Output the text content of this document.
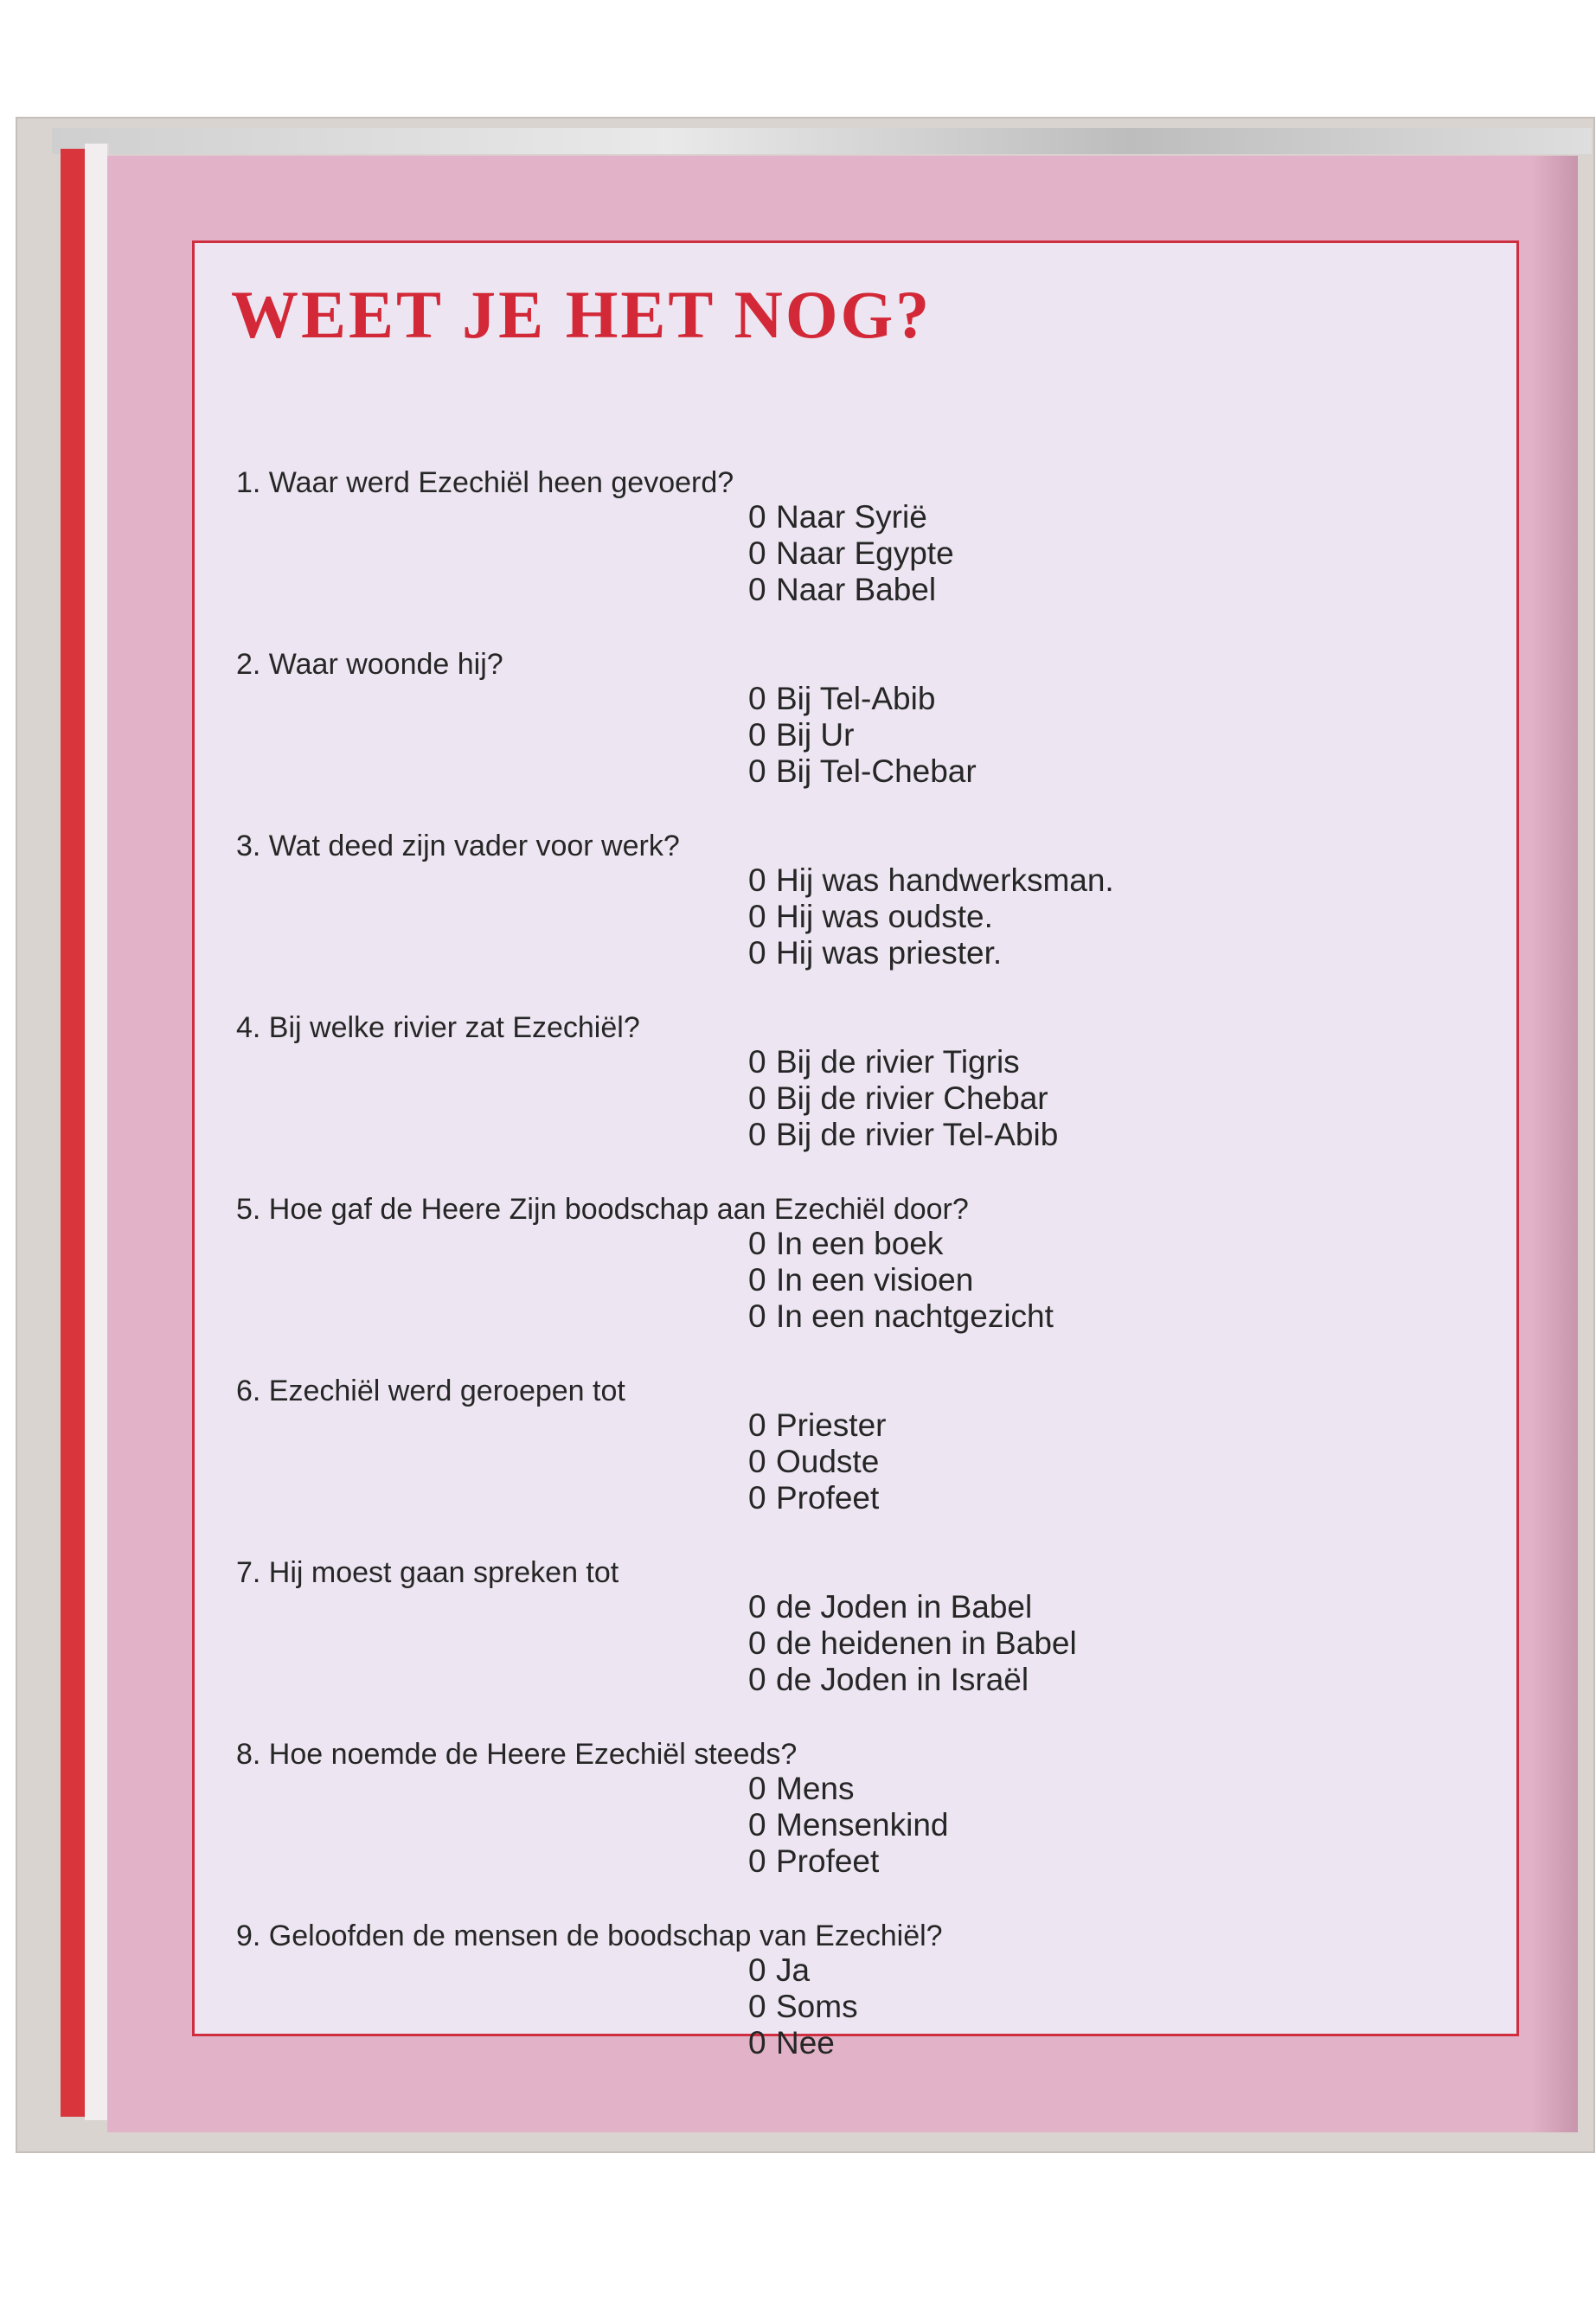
WEET JE HET NOG?

1. Waar werd Ezechiël heen gevoerd?

0 Naar Syrië
0 Naar Egypte
0 Naar Babel

2. Waar woonde hij?

0 Bij Tel-Abib
0 Bij Ur
0 Bij Tel-Chebar

3. Wat deed zijn vader voor werk?

0 Hij was handwerksman.
0 Hij was oudste.
0 Hij was priester.

4. Bij welke rivier zat Ezechiël?

0 Bij de rivier Tigris
0 Bij de rivier Chebar
0 Bij de rivier Tel-Abib

5. Hoe gaf de Heere Zijn boodschap aan Ezechiël door?

0 In een boek
0 In een visioen
0 In een nachtgezicht

6. Ezechiël werd geroepen tot

0 Priester
0 Oudste
0 Profeet

7. Hij moest gaan spreken tot

0 de Joden in Babel
0 de heidenen in Babel
0 de Joden in Israël

8. Hoe noemde de Heere Ezechiël steeds?

0 Mens
0 Mensenkind
0 Profeet

9. Geloofden de mensen de boodschap van Ezechiël?

0 Ja
0 Soms
0 Nee
